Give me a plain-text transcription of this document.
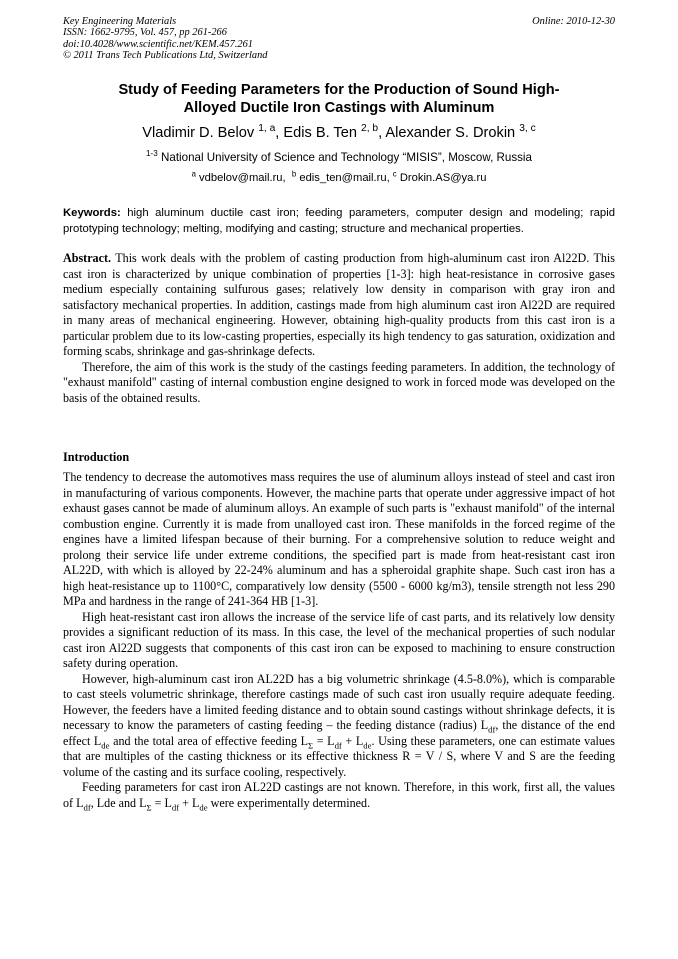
Key Engineering Materials
ISSN: 1662-9795, Vol. 457, pp 261-266
doi:10.4028/www.scientific.net/KEM.457.261
© 2011 Trans Tech Publications Ltd, Switzerland
Online: 2010-12-30
Study of Feeding Parameters for the Production of Sound High-
Alloyed Ductile Iron Castings with Aluminum
Vladimir D. Belov $^{1, a}$, Edis B. Ten $^{2, b}$, Alexander S. Drokin $^{3, c}$
$^{1-3}$ National University of Science and Technology “MISIS”, Moscow, Russia
$^a$ vdbelov@mail.ru, $^b$ edis_ten@mail.ru, $^c$ Drokin.AS@ya.ru
Keywords: high aluminum ductile cast iron; feeding parameters, computer design and modeling; rapid prototyping technology; melting, modifying and casting; structure and mechanical properties.

Abstract. This work deals with the problem of casting production from high-aluminum cast iron Al22D. This cast iron is characterized by unique combination of properties [1-3]: high heat-resistance in corrosive gases medium especially containing sulfurous gases; relatively low density in comparison with gray iron and satisfactory mechanical properties. In addition, castings made from high aluminum cast iron Al22D are required in many areas of mechanical engineering. However, obtaining high-quality products from this cast iron is a particular problem due to its low-casting properties, especially its high tendency to gas saturation, oxidization and forming scabs, shrinkage and gas-shrinkage defects.

Therefore, the aim of this work is the study of the castings feeding parameters. In addition, the technology of "exhaust manifold" casting of internal combustion engine designed to work in forced mode was developed on the basis of the obtained results.

Introduction

The tendency to decrease the automotives mass requires the use of aluminum alloys instead of steel and cast iron in manufacturing of various components. However, the machine parts that operate under aggressive impact of hot exhaust gases cannot be made of aluminum alloys. An example of such parts is "exhaust manifold" of the internal combustion engine. Currently it is made from unalloyed cast iron. These manifolds in the forced regime of the engines have a limited lifespan because of their burning. For a comprehensive solution to reduce weight and prolong their service life under extreme conditions, the specified part is made from heat-resistant cast iron AL22D, with which is alloyed by 22-24% aluminum and has a spheroidal graphite shape. Such cast iron has a high heat-resistance up to 1100°C, comparatively low density (5500 - 6000 kg/m3), tensile strength not less 290 MPa and hardness in the range of 241-364 HB [1-3].

High heat-resistant cast iron allows the increase of the service life of cast parts, and its relatively low density provides a significant reduction of its mass. In this case, the level of the mechanical properties of such nodular cast iron Al22D suggests that components of this cast iron can be exposed to machining to ensure construction safety during operation.

However, high-aluminum cast iron AL22D has a big volumetric shrinkage (4.5-8.0%), which is comparable to cast steels volumetric shrinkage, therefore castings made of such cast iron usually require adequate feeding. However, the feeders have a limited feeding distance and to obtain sound castings without shrinkage defects, it is necessary to know the parameters of casting feeding – the feeding distance (radius) $L_{df}$, the distance of the end effect $L_{de}$ and the total area of effective feeding $L_\Sigma = L_{df} + L_{de}$. Using these parameters, one can estimate values that are multiples of the casting thickness or its effective thickness R = V / S, where V and S are the feeding volume of the casting and its surface cooling, respectively.

Feeding parameters for cast iron AL22D castings are not known. Therefore, in this work, first all, the values of $L_{df}$, Lde and $L_\Sigma = L_{df} + L_{de}$ were experimentally determined.
